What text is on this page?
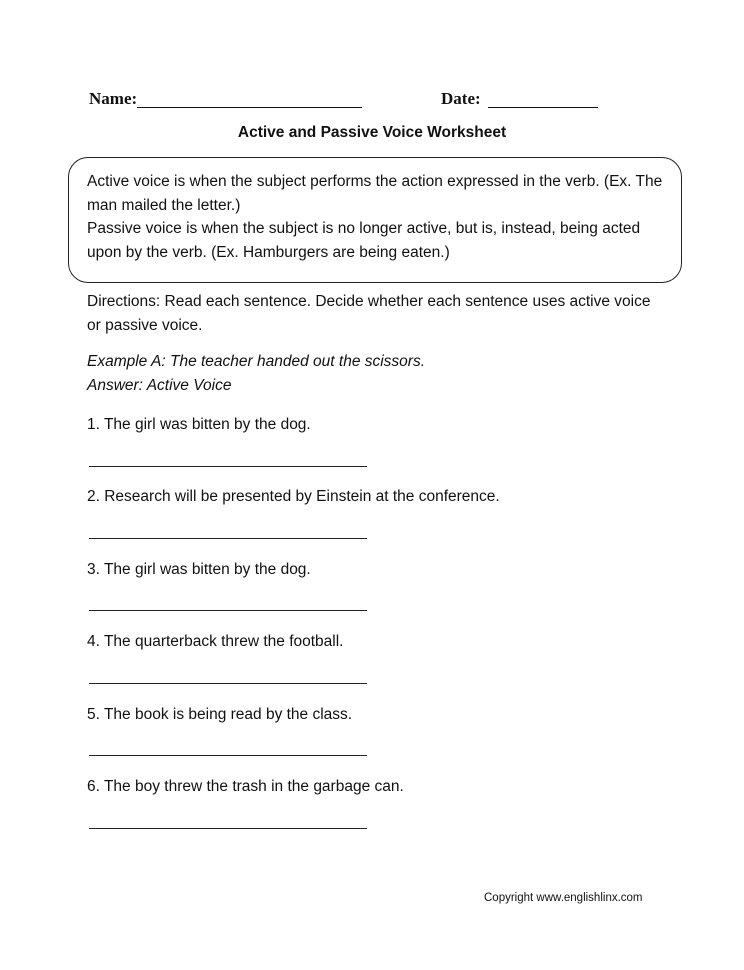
Name:	Date:
Active and Passive Voice Worksheet
Active voice is when the subject performs the action expressed in the verb. (Ex. The man mailed the letter.)
Passive voice is when the subject is no longer active, but is, instead, being acted upon by the verb. (Ex. Hamburgers are being eaten.)
Directions: Read each sentence. Decide whether each sentence uses active voice or passive voice.
Example A: The teacher handed out the scissors.
Answer: Active Voice
1. The girl was bitten by the dog.
2. Research will be presented by Einstein at the conference.
3. The girl was bitten by the dog.
4. The quarterback threw the football.
5. The book is being read by the class.
6. The boy threw the trash in the garbage can.
Copyright www.englishlinx.com
